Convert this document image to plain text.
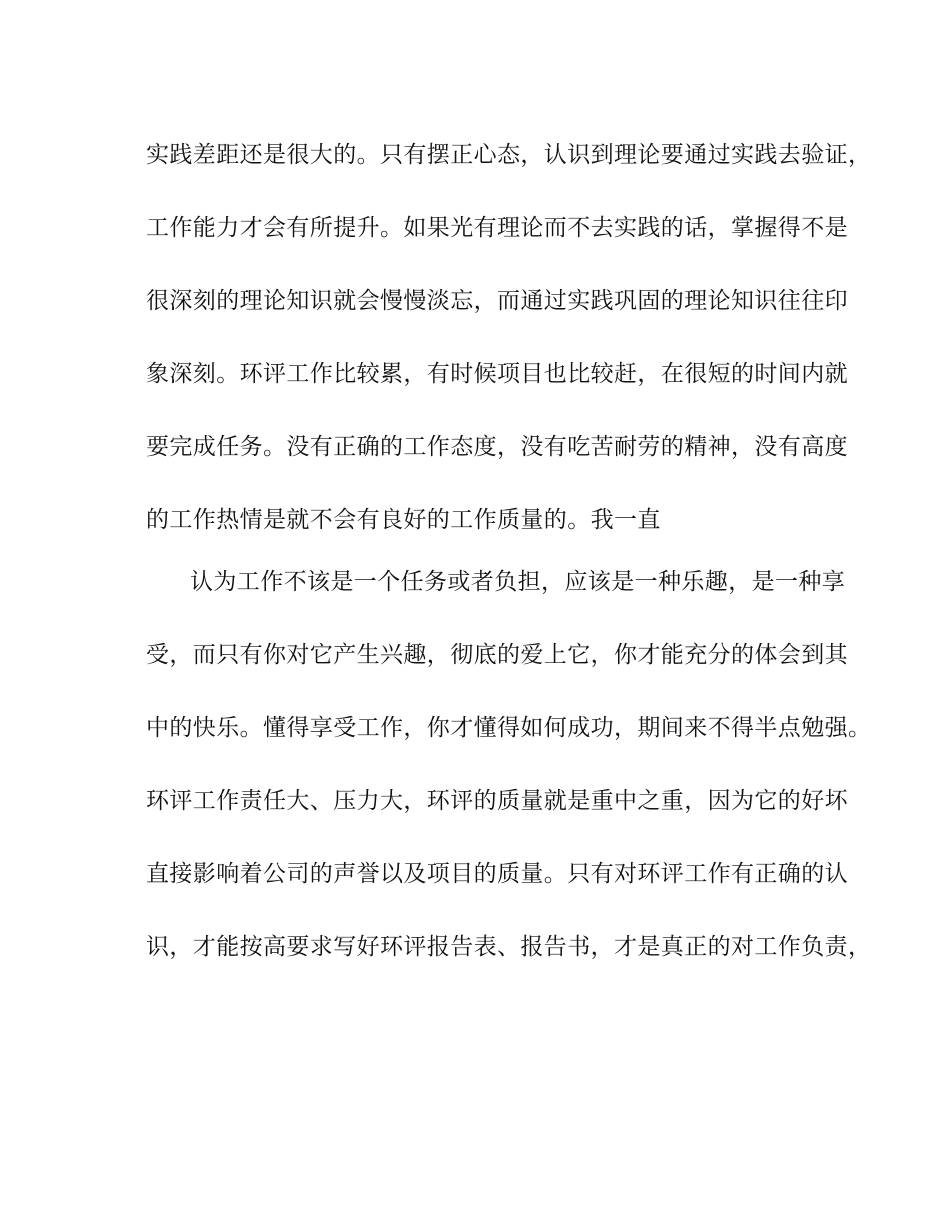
实践差距还是很大的。只有摆正心态，认识到理论要通过实践去验证，
工作能力才会有所提升。如果光有理论而不去实践的话，掌握得不是
很深刻的理论知识就会慢慢淡忘，而通过实践巩固的理论知识往往印
象深刻。环评工作比较累，有时候项目也比较赶，在很短的时间内就
要完成任务。没有正确的工作态度，没有吃苦耐劳的精神，没有高度
的工作热情是就不会有良好的工作质量的。我一直
认为工作不该是一个任务或者负担，应该是一种乐趣，是一种享
受，而只有你对它产生兴趣，彻底的爱上它，你才能充分的体会到其
中的快乐。懂得享受工作，你才懂得如何成功，期间来不得半点勉强。
环评工作责任大、压力大，环评的质量就是重中之重，因为它的好坏
直接影响着公司的声誉以及项目的质量。只有对环评工作有正确的认
识，才能按高要求写好环评报告表、报告书，才是真正的对工作负责，
